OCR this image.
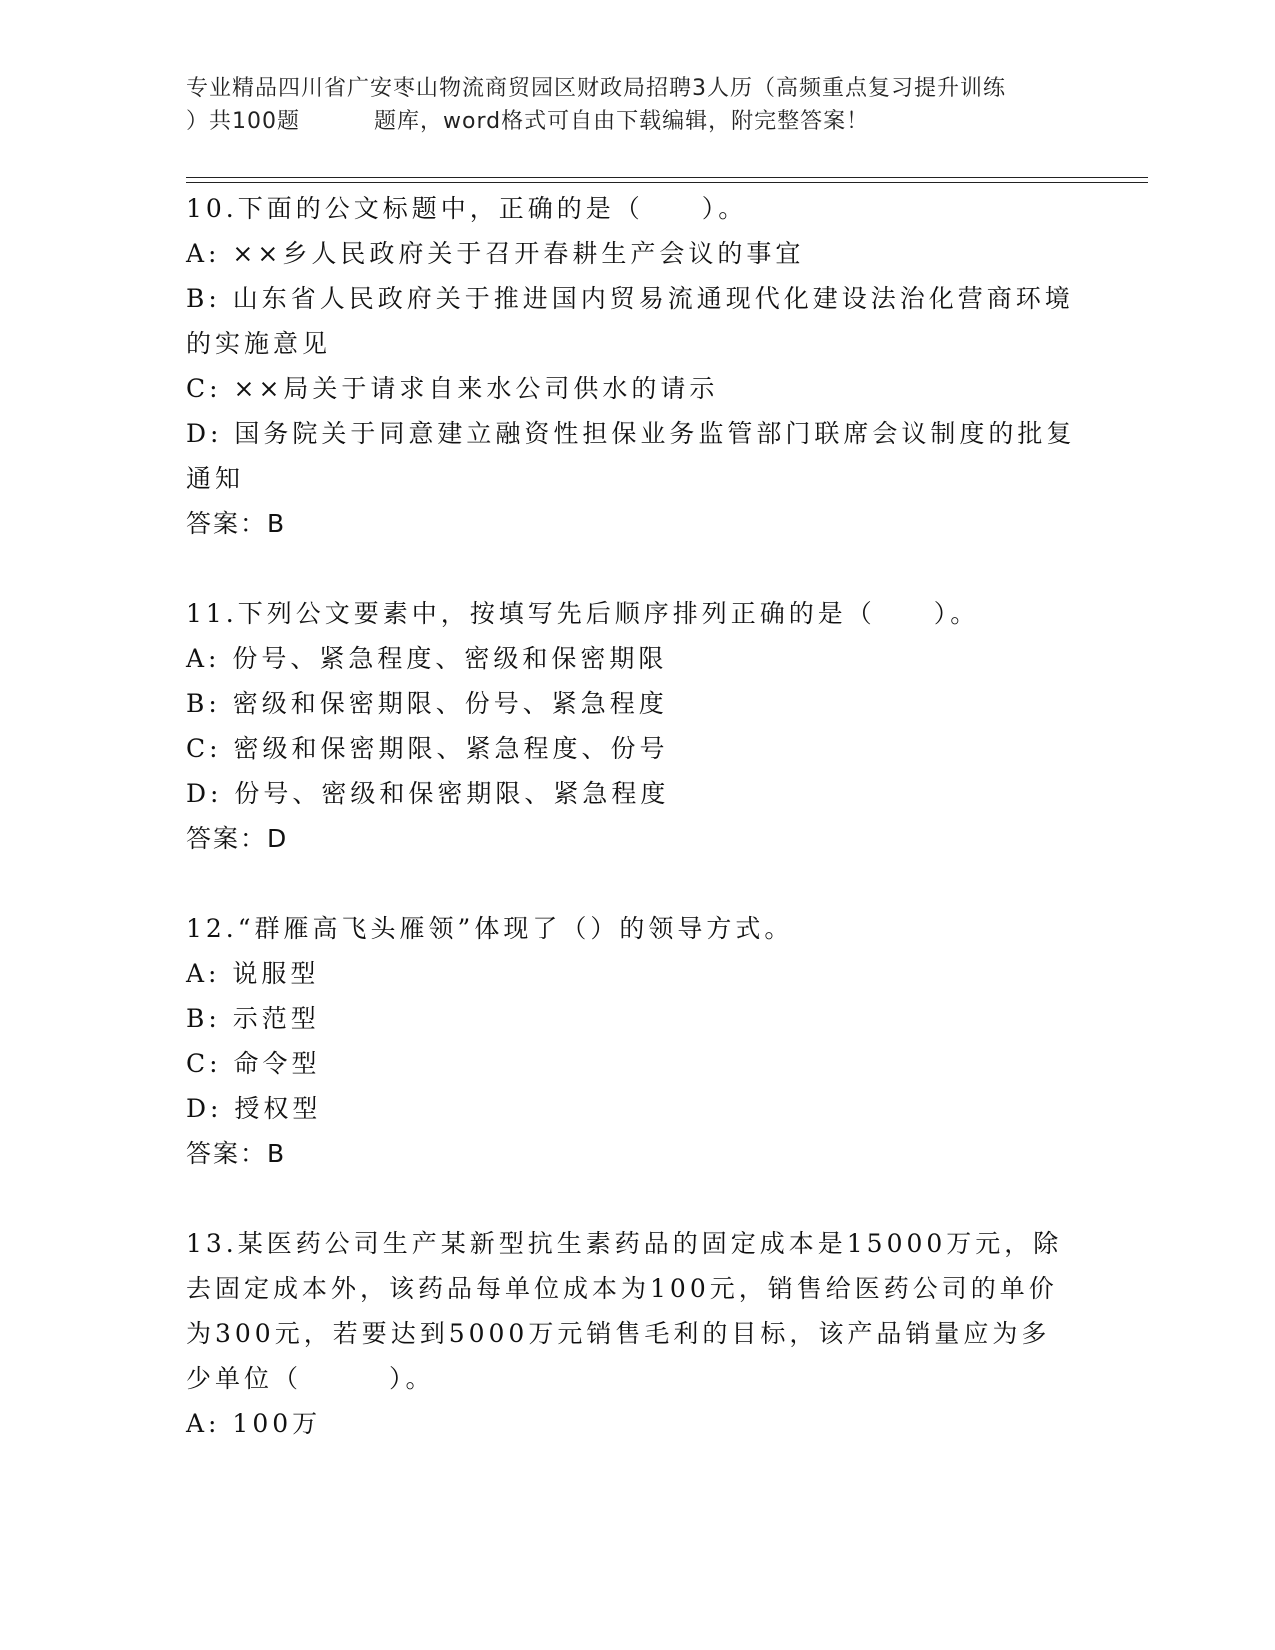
专业精品四川省广安枣山物流商贸园区财政局招聘3人历（高频重点复习提升训练
）共100题	题库，word格式可自由下载编辑，附完整答案！

10.下面的公文标题中，正确的是（　　）。

A: ××乡人民政府关于召开春耕生产会议的事宜

B: 山东省人民政府关于推进国内贸易流通现代化建设法治化营商环境的实施意见

C: ××局关于请求自来水公司供水的请示

D: 国务院关于同意建立融资性担保业务监管部门联席会议制度的批复通知

答案：B

11.下列公文要素中，按填写先后顺序排列正确的是（　　）。

A: 份号、紧急程度、密级和保密期限

B: 密级和保密期限、份号、紧急程度

C: 密级和保密期限、紧急程度、份号

D: 份号、密级和保密期限、紧急程度

答案：D

12.“群雁高飞头雁领”体现了（）的领导方式。

A: 说服型

B: 示范型

C: 命令型

D: 授权型

答案：B

13.某医药公司生产某新型抗生素药品的固定成本是15000万元，除去固定成本外，该药品每单位成本为100元，销售给医药公司的单价为300元，若要达到5000万元销售毛利的目标，该产品销量应为多少单位（　　　）。

A: 100万
